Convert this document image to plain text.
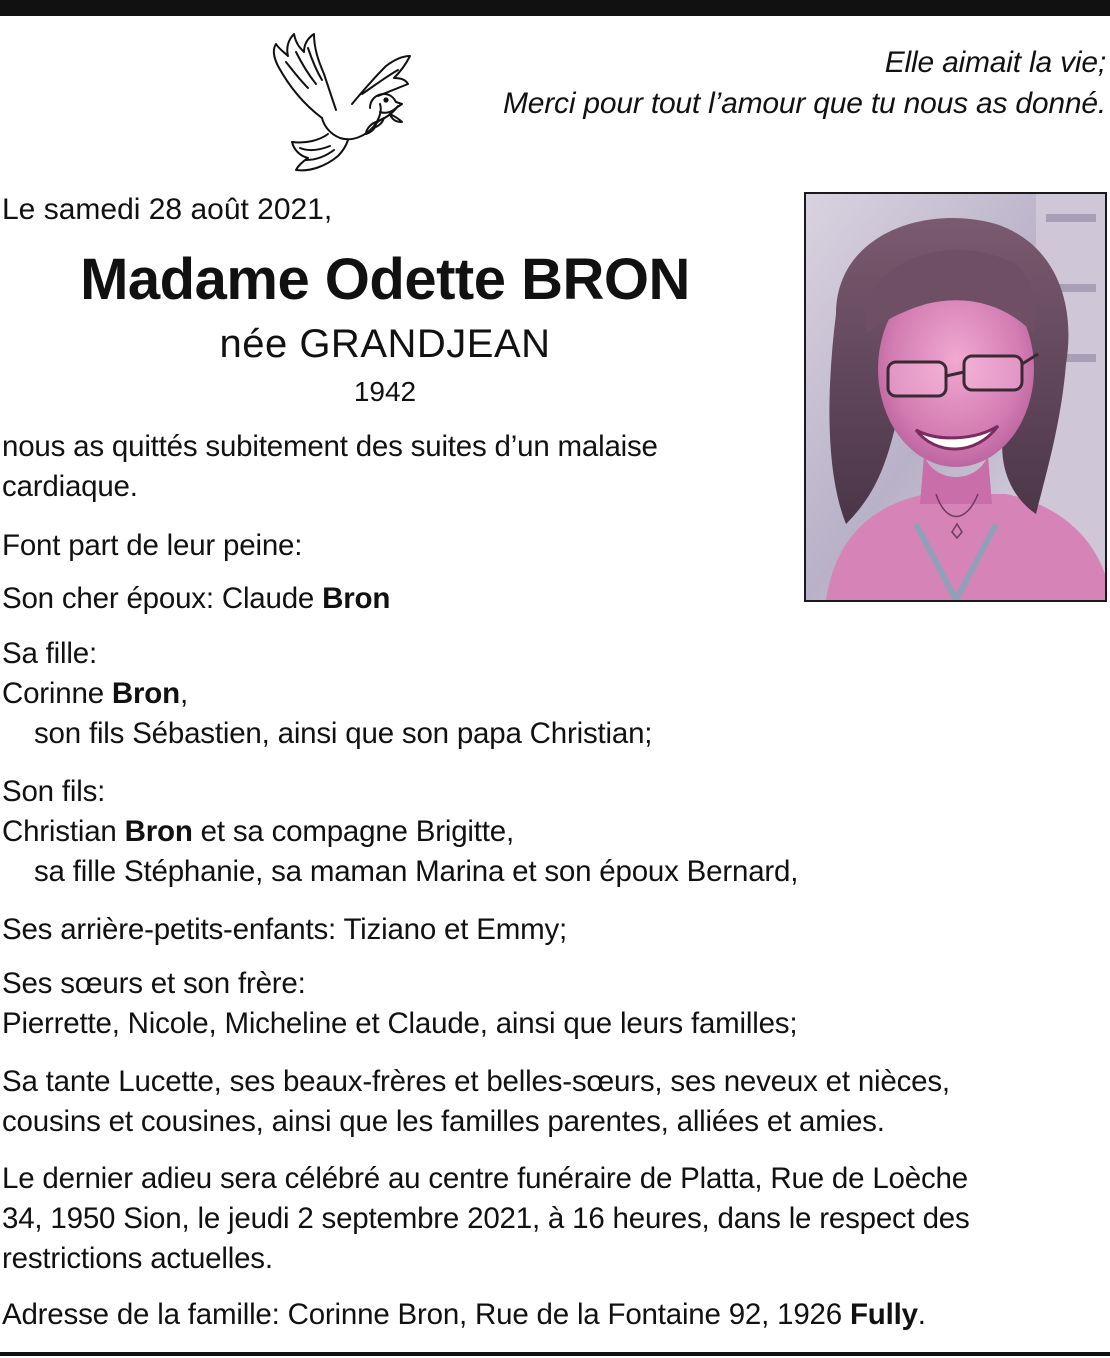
Elle aimait la vie;
Merci pour tout l’amour que tu nous as donné.
Le samedi 28 août 2021,
Madame Odette BRON
née GRANDJEAN
1942
nous as quittés subitement des suites d’un malaise
cardiaque.
Font part de leur peine:
Son cher époux: Claude Bron
Sa fille:
Corinne Bron,
son fils Sébastien, ainsi que son papa Christian;
Son fils:
Christian Bron et sa compagne Brigitte,
sa fille Stéphanie, sa maman Marina et son époux Bernard,
Ses arrière-petits-enfants: Tiziano et Emmy;
Ses sœurs et son frère:
Pierrette, Nicole, Micheline et Claude, ainsi que leurs familles;
Sa tante Lucette, ses beaux-frères et belles-sœurs, ses neveux et nièces,
cousins et cousines, ainsi que les familles parentes, alliées et amies.
Le dernier adieu sera célébré au centre funéraire de Platta, Rue de Loèche
34, 1950 Sion, le jeudi 2 septembre 2021, à 16 heures, dans le respect des
restrictions actuelles.
Adresse de la famille: Corinne Bron, Rue de la Fontaine 92, 1926 Fully.
